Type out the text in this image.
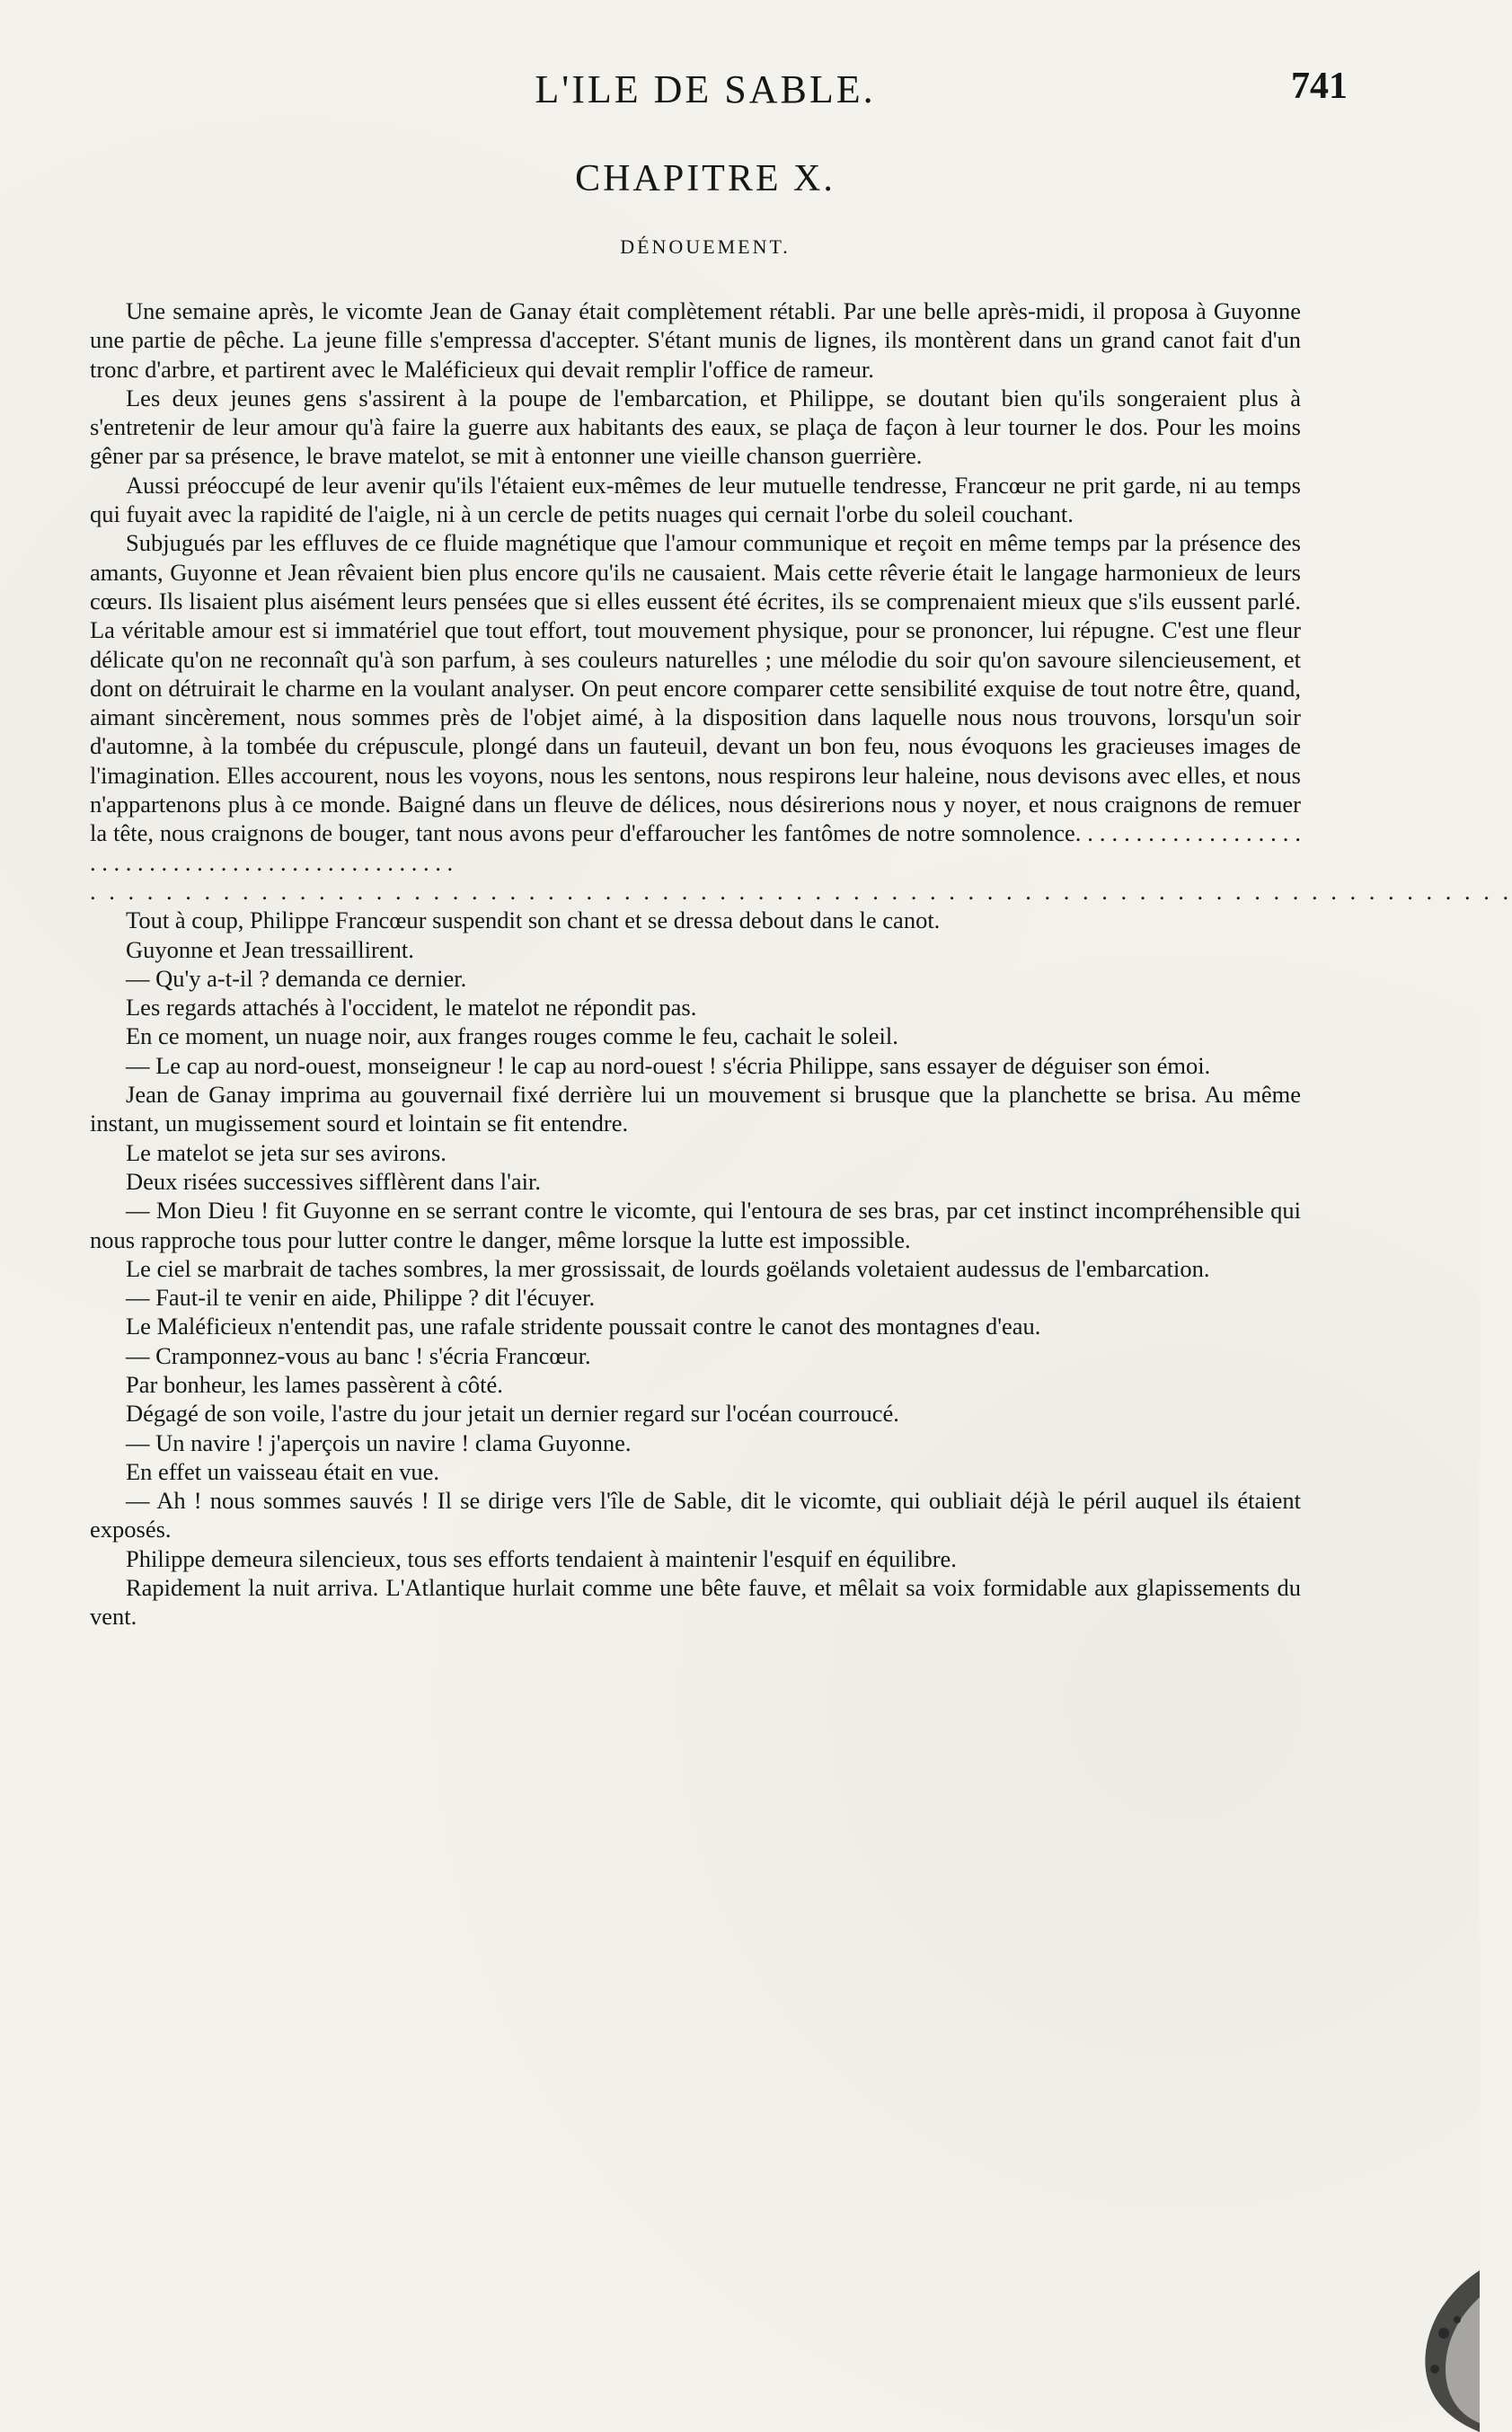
L'ILE DE SABLE.	741
CHAPITRE X.
DÉNOUEMENT.

Une semaine après, le vicomte Jean de Ganay était complètement rétabli. Par une belle après-midi, il proposa à Guyonne une partie de pêche. La jeune fille s'empressa d'accepter. S'étant munis de lignes, ils montèrent dans un grand canot fait d'un tronc d'arbre, et partirent avec le Maléficieux qui devait remplir l'office de rameur.

Les deux jeunes gens s'assirent à la poupe de l'embarcation, et Philippe, se doutant bien qu'ils songeraient plus à s'entretenir de leur amour qu'à faire la guerre aux habitants des eaux, se plaça de façon à leur tourner le dos. Pour les moins gêner par sa présence, le brave matelot, se mit à entonner une vieille chanson guerrière.

Aussi préoccupé de leur avenir qu'ils l'étaient eux-mêmes de leur mutuelle tendresse, Francœur ne prit garde, ni au temps qui fuyait avec la rapidité de l'aigle, ni à un cercle de petits nuages qui cernait l'orbe du soleil couchant.

Subjugués par les effluves de ce fluide magnétique que l'amour communique et reçoit en même temps par la présence des amants, Guyonne et Jean rêvaient bien plus encore qu'ils ne causaient. Mais cette rêverie était le langage harmonieux de leurs cœurs. Ils lisaient plus aisément leurs pensées que si elles eussent été écrites, ils se comprenaient mieux que s'ils eussent parlé. La véritable amour est si immatériel que tout effort, tout mouvement physique, pour se prononcer, lui répugne. C'est une fleur délicate qu'on ne reconnaît qu'à son parfum, à ses couleurs naturelles ; une mélodie du soir qu'on savoure silencieusement, et dont on détruirait le charme en la voulant analyser. On peut encore comparer cette sensibilité exquise de tout notre être, quand, aimant sincèrement, nous sommes près de l'objet aimé, à la disposition dans laquelle nous nous trouvons, lorsqu'un soir d'automne, à la tombée du crépuscule, plongé dans un fauteuil, devant un bon feu, nous évoquons les gracieuses images de l'imagination. Elles accourent, nous les voyons, nous les sentons, nous respirons leur haleine, nous devisons avec elles, et nous n'appartenons plus à ce monde. Baigné dans un fleuve de délices, nous désirerions nous y noyer, et nous craignons de remuer la tête, nous craignons de bouger, tant nous avons peur d'effaroucher les fantômes de notre somnolence. . . . . . . . . . . . . . . . . . . . . . . . . . . . . . . . . . . . . . . . . . . . . . . . . .

. . . . . . . . . . . . . . . . . . . . . . . . . . . . . . . . . . . . . . . . . . . . . . . . . . . . . . . . . . . . . . . . . . . . . . . . . . .

Tout à coup, Philippe Francœur suspendit son chant et se dressa debout dans le canot.

Guyonne et Jean tressaillirent.

— Qu'y a-t-il ? demanda ce dernier.

Les regards attachés à l'occident, le matelot ne répondit pas.

En ce moment, un nuage noir, aux franges rouges comme le feu, cachait le soleil.

— Le cap au nord-ouest, monseigneur ! le cap au nord-ouest ! s'écria Philippe, sans essayer de déguiser son émoi.

Jean de Ganay imprima au gouvernail fixé derrière lui un mouvement si brusque que la planchette se brisa. Au même instant, un mugissement sourd et lointain se fit entendre.

Le matelot se jeta sur ses avirons.

Deux risées successives sifflèrent dans l'air.

— Mon Dieu ! fit Guyonne en se serrant contre le vicomte, qui l'entoura de ses bras, par cet instinct incompréhensible qui nous rapproche tous pour lutter contre le danger, même lorsque la lutte est impossible.

Le ciel se marbrait de taches sombres, la mer grossissait, de lourds goëlands voletaient audessus de l'embarcation.

— Faut-il te venir en aide, Philippe ? dit l'écuyer.

Le Maléficieux n'entendit pas, une rafale stridente poussait contre le canot des montagnes d'eau.

— Cramponnez-vous au banc ! s'écria Francœur.

Par bonheur, les lames passèrent à côté.

Dégagé de son voile, l'astre du jour jetait un dernier regard sur l'océan courroucé.

— Un navire ! j'aperçois un navire ! clama Guyonne.

En effet un vaisseau était en vue.

— Ah ! nous sommes sauvés ! Il se dirige vers l'île de Sable, dit le vicomte, qui oubliait déjà le péril auquel ils étaient exposés.

Philippe demeura silencieux, tous ses efforts tendaient à maintenir l'esquif en équilibre.

Rapidement la nuit arriva. L'Atlantique hurlait comme une bête fauve, et mêlait sa voix formidable aux glapissements du vent.
